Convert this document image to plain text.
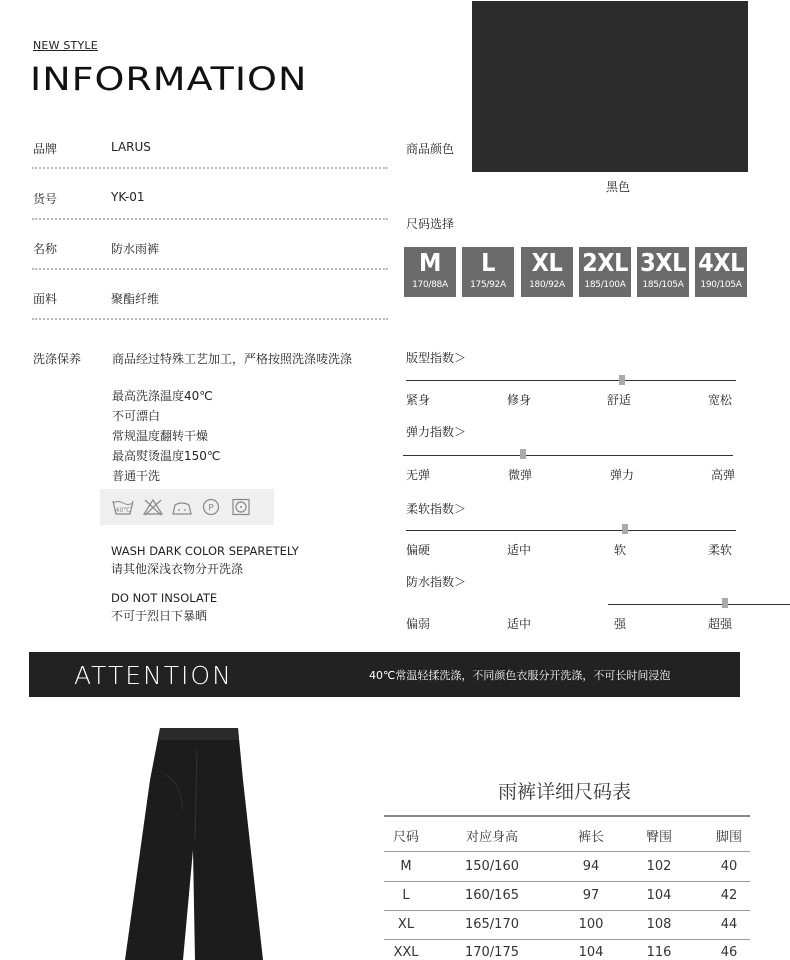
NEW STYLE
INFORMATION
黑色
商品颜色
品牌	LARUS
货号	YK-01
名称	防水雨裤
面料	聚酯纤维
尺码选择
M
170/88A
L
175/92A
XL
180/92A
2XL
185/100A
3XL
185/105A
4XL
190/105A
洗涤保养	商品经过特殊工艺加工，严格按照洗涤唛洗涤
最高洗涤温度40℃
不可漂白
常规温度翻转干燥
最高熨烫温度150℃
普通干洗
40℃	P
WASH DARK COLOR SEPARETELY
请其他深浅衣物分开洗涤
DO NOT INSOLATE
不可于烈日下暴晒
版型指数＞
紧身	修身	舒适	宽松
弹力指数＞
无弹	微弹	弹力	高弹
柔软指数＞
偏硬	适中	软	柔软
防水指数＞
偏弱	适中	强	超强
ATTENTION	40℃常温轻揉洗涤，不同颜色衣服分开洗涤，不可长时间浸泡
雨裤详细尺码表
尺码	对应身高	裤长	臀围	脚围
M	150/160	94	102	40
L	160/165	97	104	42
XL	165/170	100	108	44
XXL	170/175	104	116	46
